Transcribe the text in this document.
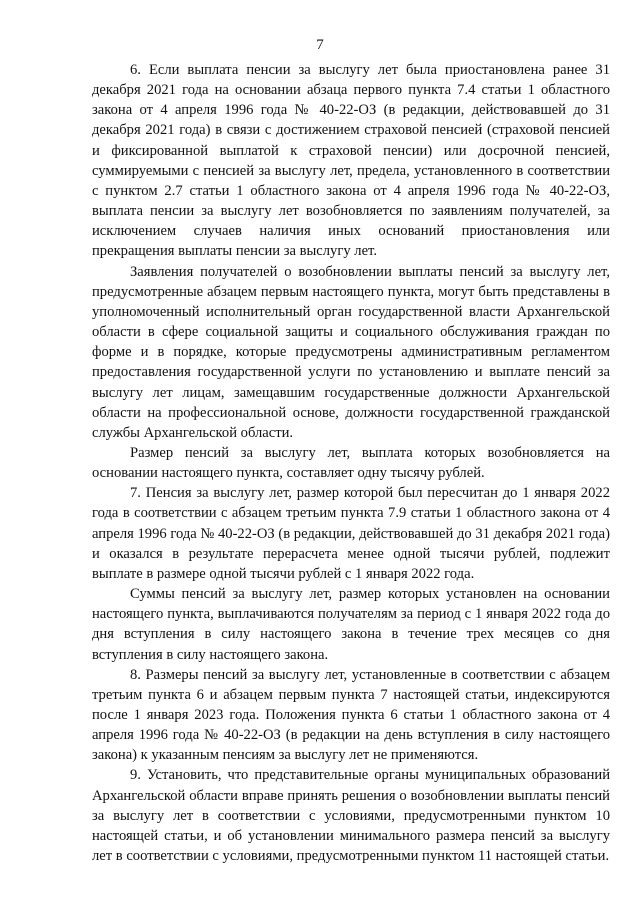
7

6. Если выплата пенсии за выслугу лет была приостановлена ранее 31 декабря 2021 года на основании абзаца первого пункта 7.4 статьи 1 областного закона от 4 апреля 1996 года № 40-22-ОЗ (в редакции, действовавшей до 31 декабря 2021 года) в связи с достижением страховой пенсией (страховой пенсией и фиксированной выплатой к страховой пенсии) или досрочной пенсией, суммируемыми с пенсией за выслугу лет, предела, установленного в соответствии с пунктом 2.7 статьи 1 областного закона от 4 апреля 1996 года № 40-22-ОЗ, выплата пенсии за выслугу лет возобновляется по заявлениям получателей, за исключением случаев наличия иных оснований приостановления или прекращения выплаты пенсии за выслугу лет.

Заявления получателей о возобновлении выплаты пенсий за выслугу лет, предусмотренные абзацем первым настоящего пункта, могут быть представлены в уполномоченный исполнительный орган государственной власти Архангельской области в сфере социальной защиты и социального обслуживания граждан по форме и в порядке, которые предусмотрены административным регламентом предоставления государственной услуги по установлению и выплате пенсий за выслугу лет лицам, замещавшим государственные должности Архангельской области на профессиональной основе, должности государственной гражданской службы Архангельской области.

Размер пенсий за выслугу лет, выплата которых возобновляется на основании настоящего пункта, составляет одну тысячу рублей.

7. Пенсия за выслугу лет, размер которой был пересчитан до 1 января 2022 года в соответствии с абзацем третьим пункта 7.9 статьи 1 областного закона от 4 апреля 1996 года № 40-22-ОЗ (в редакции, действовавшей до 31 декабря 2021 года) и оказался в результате перерасчета менее одной тысячи рублей, подлежит выплате в размере одной тысячи рублей с 1 января 2022 года.

Суммы пенсий за выслугу лет, размер которых установлен на основании настоящего пункта, выплачиваются получателям за период с 1 января 2022 года до дня вступления в силу настоящего закона в течение трех месяцев со дня вступления в силу настоящего закона.

8. Размеры пенсий за выслугу лет, установленные в соответствии с абзацем третьим пункта 6 и абзацем первым пункта 7 настоящей статьи, индексируются после 1 января 2023 года. Положения пункта 6 статьи 1 областного закона от 4 апреля 1996 года № 40-22-ОЗ (в редакции на день вступления в силу настоящего закона) к указанным пенсиям за выслугу лет не применяются.

9. Установить, что представительные органы муниципальных образований Архангельской области вправе принять решения о возобновлении выплаты пенсий за выслугу лет в соответствии с условиями, предусмотренными пунктом 10 настоящей статьи, и об установлении минимального размера пенсий за выслугу лет в соответствии с условиями, предусмотренными пунктом 11 настоящей статьи.
